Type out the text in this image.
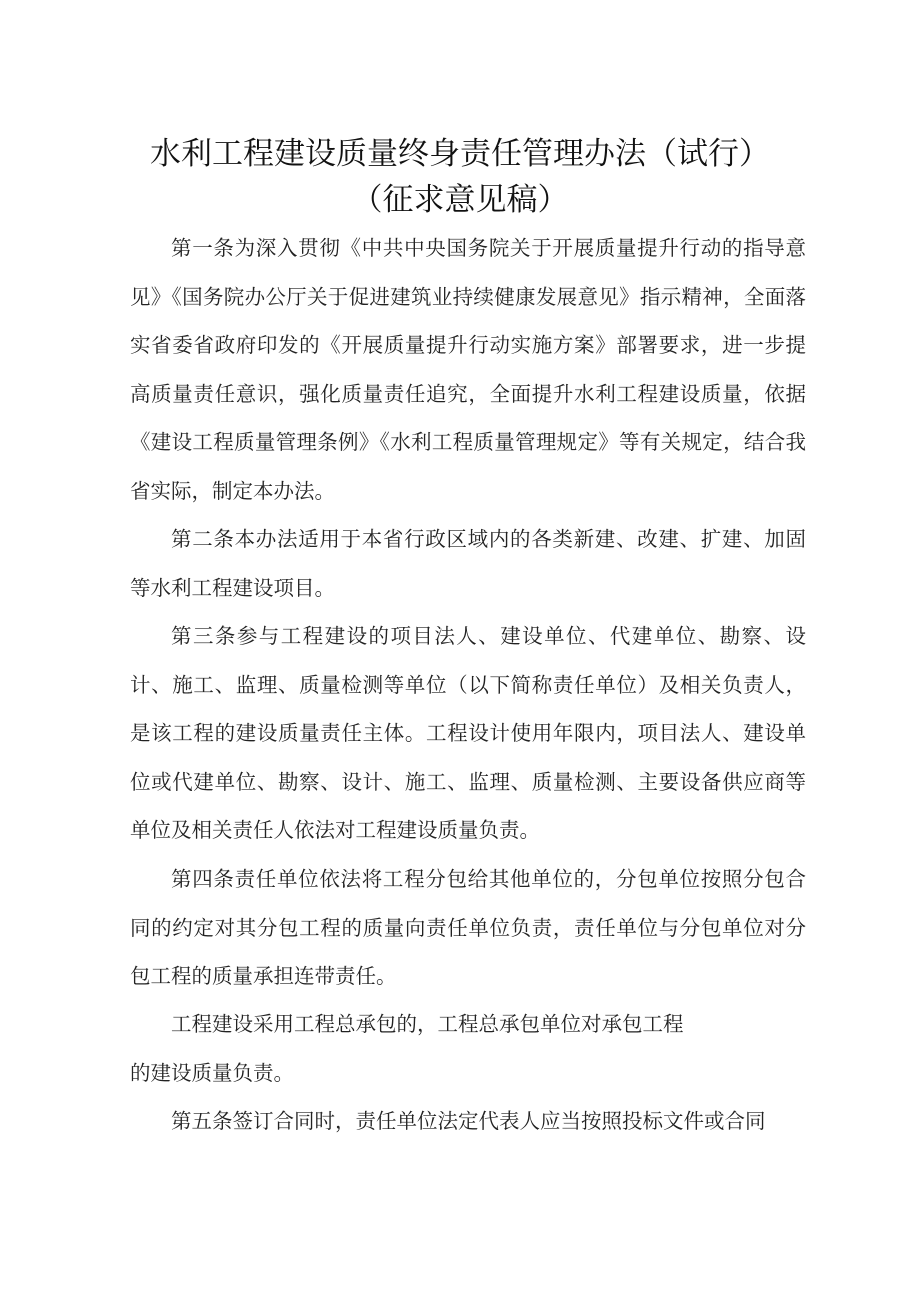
水利工程建设质量终身责任管理办法（试行）
（征求意见稿）

第一条为深入贯彻《中共中央国务院关于开展质量提升行动的指导意见》《国务院办公厅关于促进建筑业持续健康发展意见》指示精神，全面落实省委省政府印发的《开展质量提升行动实施方案》部署要求，进一步提高质量责任意识，强化质量责任追究，全面提升水利工程建设质量，依据《建设工程质量管理条例》《水利工程质量管理规定》等有关规定，结合我省实际，制定本办法。

第二条本办法适用于本省行政区域内的各类新建、改建、扩建、加固等水利工程建设项目。

第三条参与工程建设的项目法人、建设单位、代建单位、勘察、设计、施工、监理、质量检测等单位（以下简称责任单位）及相关负责人，是该工程的建设质量责任主体。工程设计使用年限内，项目法人、建设单位或代建单位、勘察、设计、施工、监理、质量检测、主要设备供应商等单位及相关责任人依法对工程建设质量负责。

第四条责任单位依法将工程分包给其他单位的，分包单位按照分包合同的约定对其分包工程的质量向责任单位负责，责任单位与分包单位对分包工程的质量承担连带责任。

工程建设采用工程总承包的，工程总承包单位对承包工程

的建设质量负责。

第五条签订合同时，责任单位法定代表人应当按照投标文件或合同
